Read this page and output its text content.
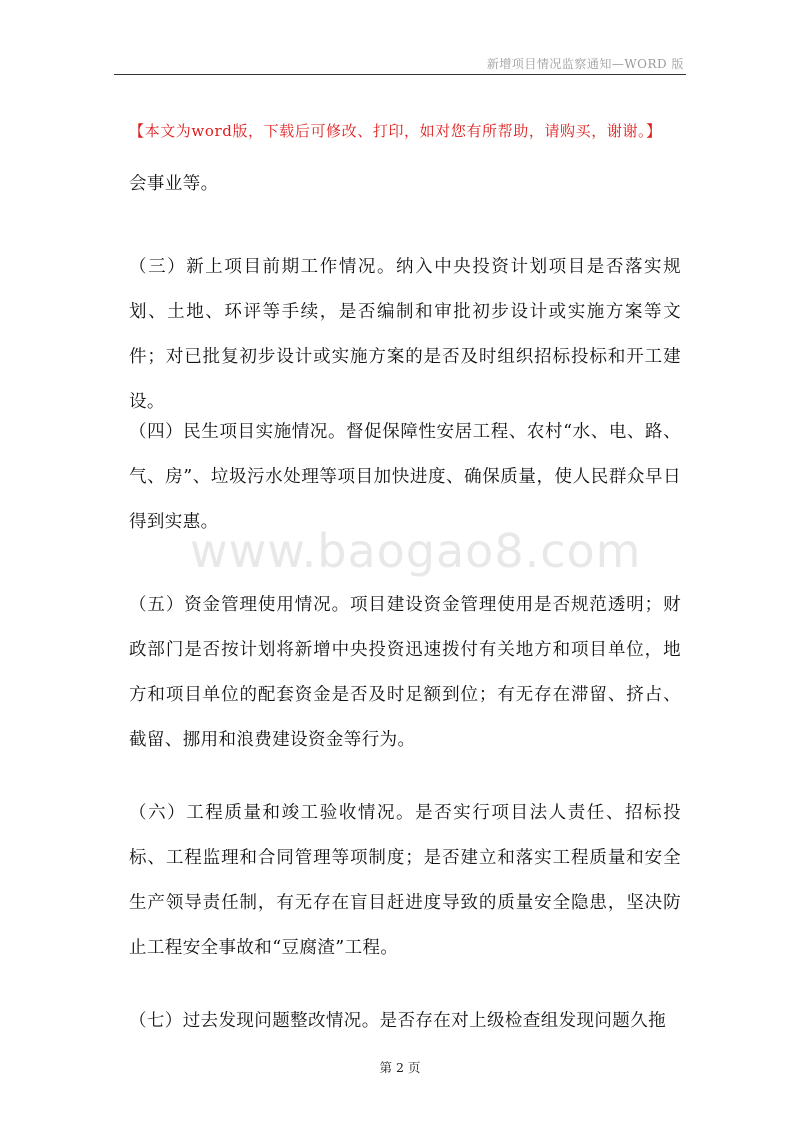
新增项目情况监察通知—WORD 版
【本文为word版，下载后可修改、打印，如对您有所帮助，请购买，谢谢。】
www.baogao8.com

会事业等。

（三）新上项目前期工作情况。纳入中央投资计划项目是否落实规划、土地、环评等手续，是否编制和审批初步设计或实施方案等文件；对已批复初步设计或实施方案的是否及时组织招标投标和开工建设。

（四）民生项目实施情况。督促保障性安居工程、农村“水、电、路、气、房”、垃圾污水处理等项目加快进度、确保质量，使人民群众早日得到实惠。

（五）资金管理使用情况。项目建设资金管理使用是否规范透明；财政部门是否按计划将新增中央投资迅速拨付有关地方和项目单位，地方和项目单位的配套资金是否及时足额到位；有无存在滞留、挤占、截留、挪用和浪费建设资金等行为。

（六）工程质量和竣工验收情况。是否实行项目法人责任、招标投标、工程监理和合同管理等项制度；是否建立和落实工程质量和安全生产领导责任制，有无存在盲目赶进度导致的质量安全隐患，坚决防止工程安全事故和“豆腐渣”工程。

（七）过去发现问题整改情况。是否存在对上级检查组发现问题久拖

第 2 页
